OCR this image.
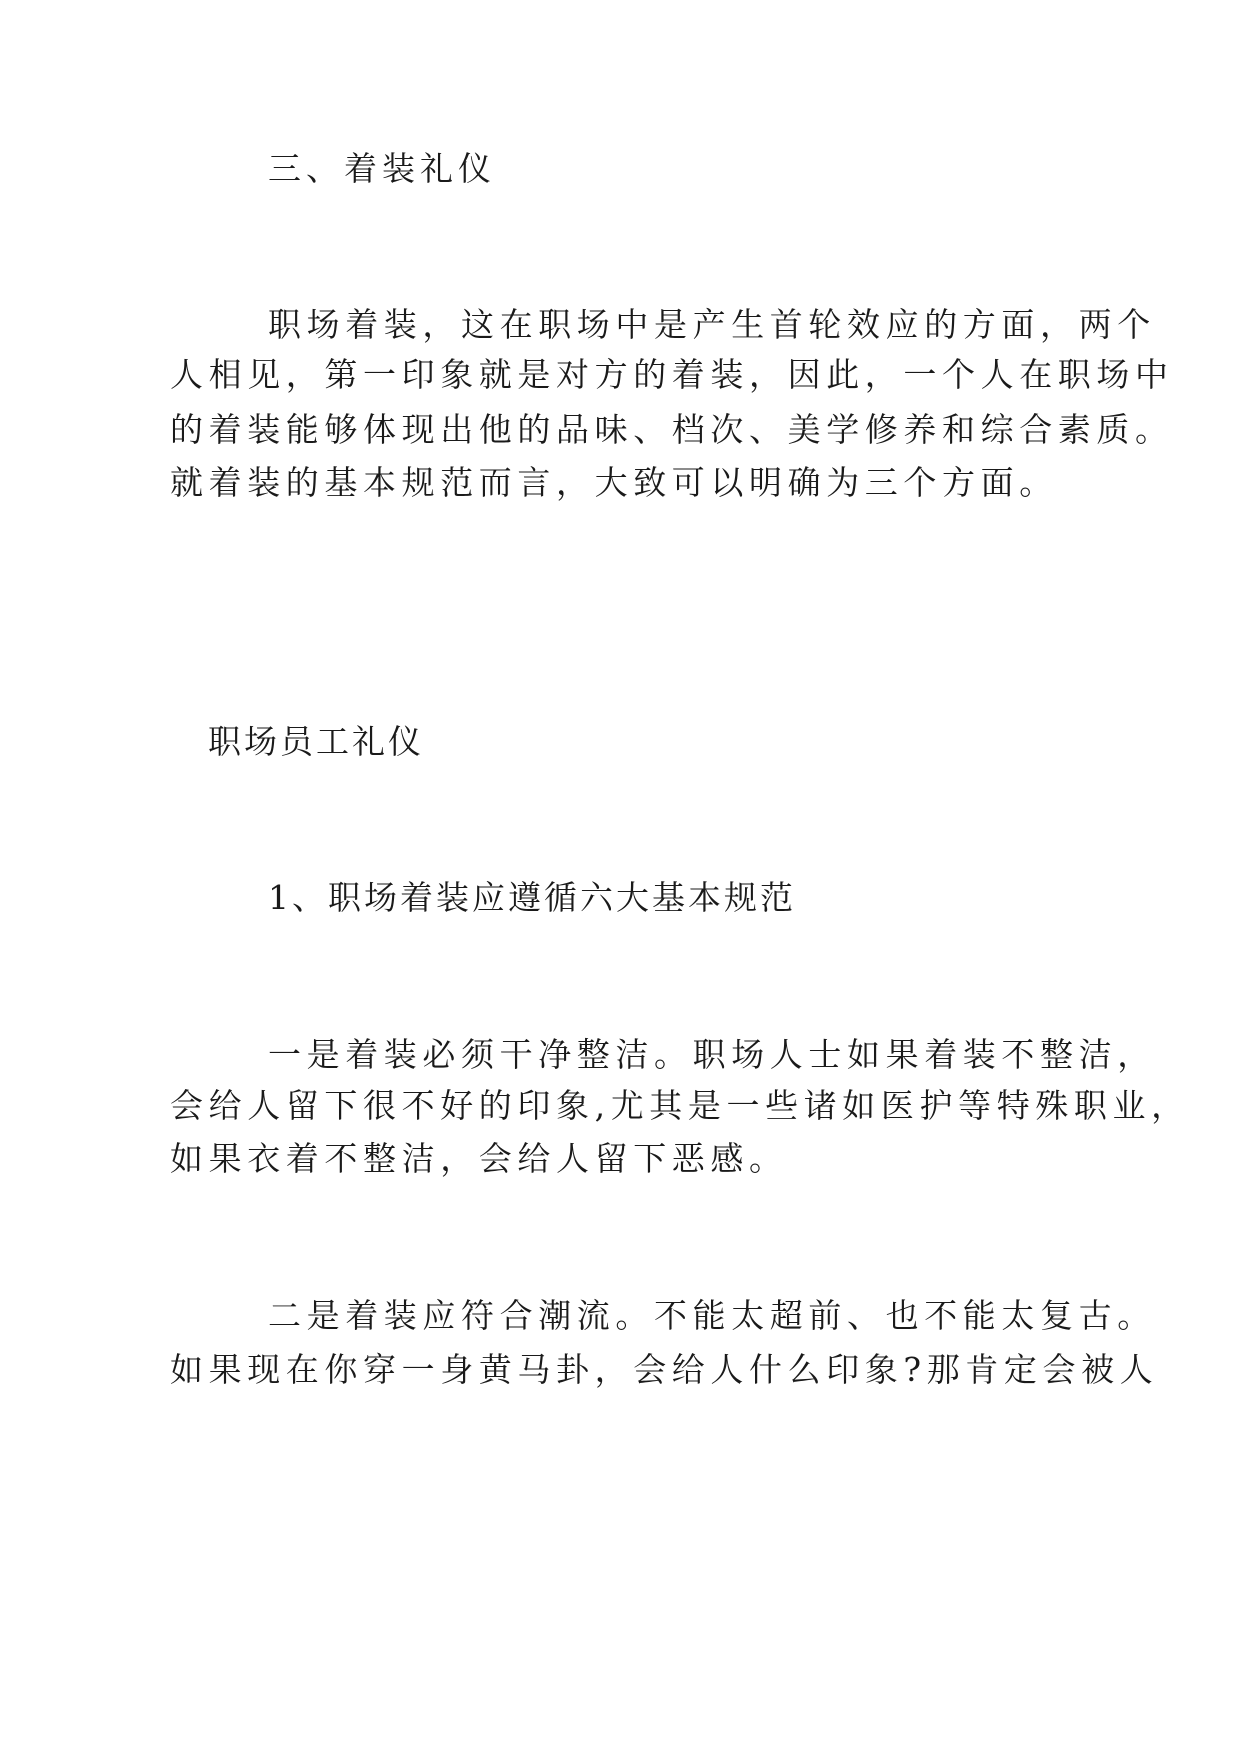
三、着装礼仪
职场着装，这在职场中是产生首轮效应的方面，两个
人相见，第一印象就是对方的着装，因此，一个人在职场中
的着装能够体现出他的品味、档次、美学修养和综合素质。
就着装的基本规范而言，大致可以明确为三个方面。
职场员工礼仪
1、职场着装应遵循六大基本规范
一是着装必须干净整洁。职场人士如果着装不整洁，
会给人留下很不好的印象,尤其是一些诸如医护等特殊职业，
如果衣着不整洁，会给人留下恶感。
二是着装应符合潮流。不能太超前、也不能太复古。
如果现在你穿一身黄马卦，会给人什么印象?那肯定会被人
